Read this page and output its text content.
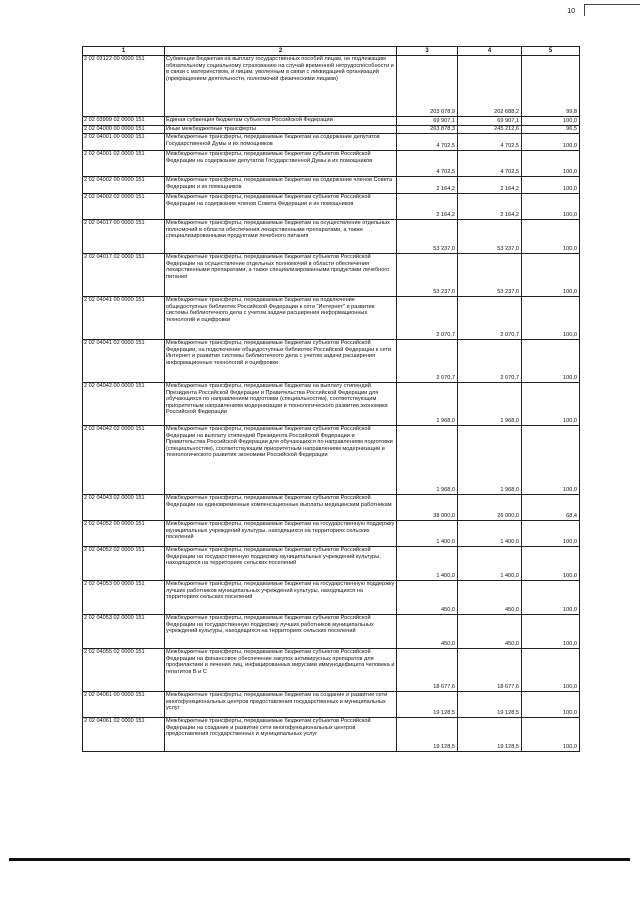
10
1	2	3	4	5
2 02 03122 00 0000 151	Субвенции бюджетам на выплату государственных пособий лицам, не подлежащим обязательному социальному страхованию на случай временной нетрудоспособности и в связи с материнством, и лицам, уволенным в связи с ликвидацией организаций (прекращением деятельности, полномочий физическими лицами)	203 078,9	202 688,2	99,8
2 02 03999 02 0000 151	Единая субвенция бюджетам субъектов Российской Федерации	69 907,1	69 907,1	100,0
2 02 04000 00 0000 151	Иные межбюджетные трансферты	263 878,3	245 212,6	96,5
2 02 04001 00 0000 151	Межбюджетные трансферты, передаваемые бюджетам на содержание депутатов Государственной Думы и их помощников	4 702,5	4 702,5	100,0
2 02 04001 02 0000 151	Межбюджетные трансферты, передаваемые бюджетам субъектов Российской Федерации на содержание депутатов Государственной Думы и их помощников	4 702,5	4 702,5	100,0
2 02 04002 00 0000 151	Межбюджетные трансферты, передаваемые бюджетам на содержание членов Совета Федерации и их помощников	2 164,2	2 164,2	100,0
2 02 04002 02 0000 151	Межбюджетные трансферты, передаваемые бюджетам субъектов Российской Федерации на содержание членов Совета Федерации и их помощников	2 164,2	2 164,2	100,0
2 02 04017 00 0000 151	Межбюджетные трансферты, передаваемые бюджетам на осуществление отдельных полномочий в области обеспечения лекарственными препаратами, а также специализированными продуктами лечебного питания	53 237,0	53 237,0	100,0
2 02 04017 02 0000 151	Межбюджетные трансферты, передаваемые бюджетам субъектов Российской Федерации на осуществление отдельных полномочий в области обеспечения лекарственными препаратами, а также специализированными продуктами лечебного питания	53 237,0	53 237,0	100,0
2 02 04041 00 0000 151	Межбюджетные трансферты, передаваемые бюджетам на подключение общедоступных библиотек Российской Федерации к сети "Интернет" и развитие системы библиотечного дела с учетом задачи расширения информационных технологий и оцифровки	2 070,7	2 070,7	100,0
2 02 04041 02 0000 151	Межбюджетные трансферты, передаваемые бюджетам субъектов Российской Федерации, на подключение общедоступных библиотек Российской Федерации к сети Интернет и развитие системы библиотечного дела с учетом задачи расширения информационных технологий и оцифровки	2 070,7	2 070,7	100,0
2 02 04042 00 0000 151	Межбюджетные трансферты, передаваемые бюджетам на выплату стипендий Президента Российской Федерации и Правительства Российской Федерации для обучающихся по направлениям подготовки (специальностям), соответствующим приоритетным направлениям модернизации и технологического развития экономики Российской Федерации	1 968,0	1 968,0	100,0
2 02 04042 02 0000 151	Межбюджетные трансферты, передаваемые бюджетам субъектов Российской Федерации на выплату стипендий Президента Российской Федерации и Правительства Российской Федерации для обучающихся по направлениям подготовки (специальностям), соответствующим приоритетным направлениям модернизации и технологического развития экономики Российской Федерации	1 968,0	1 968,0	100,0
2 02 04043 02 0000 151	Межбюджетные трансферты, передаваемые бюджетам субъектов Российской Федерации на единовременные компенсационные выплаты медицинским работникам	38 000,0	26 000,0	68,4
2 02 04052 00 0000 151	Межбюджетные трансферты, передаваемые бюджетам на государственную поддержку муниципальных учреждений культуры, находящихся на территориях сельских поселений	1 400,0	1 400,0	100,0
2 02 04052 02 0000 151	Межбюджетные трансферты, передаваемые бюджетам субъектов Российской Федерации на государственную поддержку муниципальных учреждений культуры, находящихся на территориях сельских поселений	1 400,0	1 400,0	100,0
2 02 04053 00 0000 151	Межбюджетные трансферты, передаваемые бюджетам на государственную поддержку лучших работников муниципальных учреждений культуры, находящихся на территориях сельских поселений	450,0	450,0	100,0
2 02 04053 02 0000 151	Межбюджетные трансферты, передаваемые бюджетам субъектов Российской Федерации на государственную поддержку лучших работников муниципальных учреждений культуры, находящихся на территориях сельских поселений	450,0	450,0	100,0
2 02 04055 02 0000 151	Межбюджетные трансферты, передаваемые бюджетам субъектов Российской Федерации на финансовое обеспечение закупок антивирусных препаратов для профилактики и лечения лиц, инфицированных вирусами иммунодефицита человека и гепатитов В и С	18 677,6	18 677,6	100,0
2 02 04061 00 0000 151	Межбюджетные трансферты, передаваемые бюджетам на создание и развитие сети многофункциональных центров предоставления государственных и муниципальных услуг	19 128,5	19 128,5	100,0
2 02 04061 02 0000 151	Межбюджетные трансферты, передаваемые бюджетам субъектов Российской Федерации на создание и развитие сети многофункциональных центров предоставления государственных и муниципальных услуг	19 128,5	19 128,5	100,0
